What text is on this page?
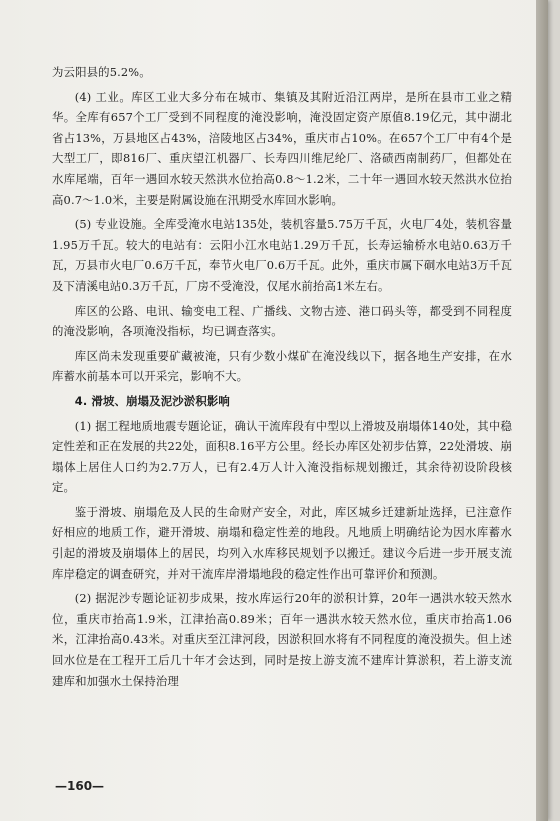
为云阳县的5.2%。

(4) 工业。库区工业大多分布在城市、集镇及其附近沿江两岸，是所在县市工业之精华。全库有657个工厂受到不同程度的淹没影响，淹没固定资产原值8.19亿元，其中湖北省占13%，万县地区占43%，涪陵地区占34%，重庆市占10%。在657个工厂中有4个是大型工厂，即816厂、重庆望江机器厂、长寿四川维尼纶厂、洛碛西南制药厂，但都处在水库尾端，百年一遇回水较天然洪水位抬高0.8～1.2米，二十年一遇回水较天然洪水位抬高0.7～1.0米，主要是附属设施在汛期受水库回水影响。

(5) 专业设施。全库受淹水电站135处，装机容量5.75万千瓦，火电厂4处，装机容量1.95万千瓦。较大的电站有：云阳小江水电站1.29万千瓦，长寿运输桥水电站0.63万千瓦，万县市火电厂0.6万千瓦，奉节火电厂0.6万千瓦。此外，重庆市属下硐水电站3万千瓦及下清溪电站0.3万千瓦，厂房不受淹没，仅尾水前抬高1米左右。

库区的公路、电讯、输变电工程、广播线、文物古迹、港口码头等，都受到不同程度的淹没影响，各项淹没指标，均已调查落实。

库区尚未发现重要矿藏被淹，只有少数小煤矿在淹没线以下，据各地生产安排，在水库蓄水前基本可以开采完，影响不大。

4. 滑坡、崩塌及泥沙淤积影响

(1) 据工程地质地震专题论证，确认干流库段有中型以上滑坡及崩塌体140处，其中稳定性差和正在发展的共22处，面积8.16平方公里。经长办库区处初步估算，22处滑坡、崩塌体上居住人口约为2.7万人，已有2.4万人计入淹没指标规划搬迁，其余待初设阶段核定。

鉴于滑坡、崩塌危及人民的生命财产安全，对此，库区城乡迁建新址选择，已注意作好相应的地质工作，避开滑坡、崩塌和稳定性差的地段。凡地质上明确结论为因水库蓄水引起的滑坡及崩塌体上的居民，均列入水库移民规划予以搬迁。建议今后进一步开展支流库岸稳定的调查研究，并对干流库岸滑塌地段的稳定性作出可靠评价和预测。

(2) 据泥沙专题论证初步成果，按水库运行20年的淤积计算，20年一遇洪水较天然水位，重庆市抬高1.9米，江津抬高0.89米；百年一遇洪水较天然水位，重庆市抬高1.06米，江津抬高0.43米。对重庆至江津河段，因淤积回水将有不同程度的淹没损失。但上述回水位是在工程开工后几十年才会达到，同时是按上游支流不建库计算淤积，若上游支流建库和加强水土保持治理

—160—
